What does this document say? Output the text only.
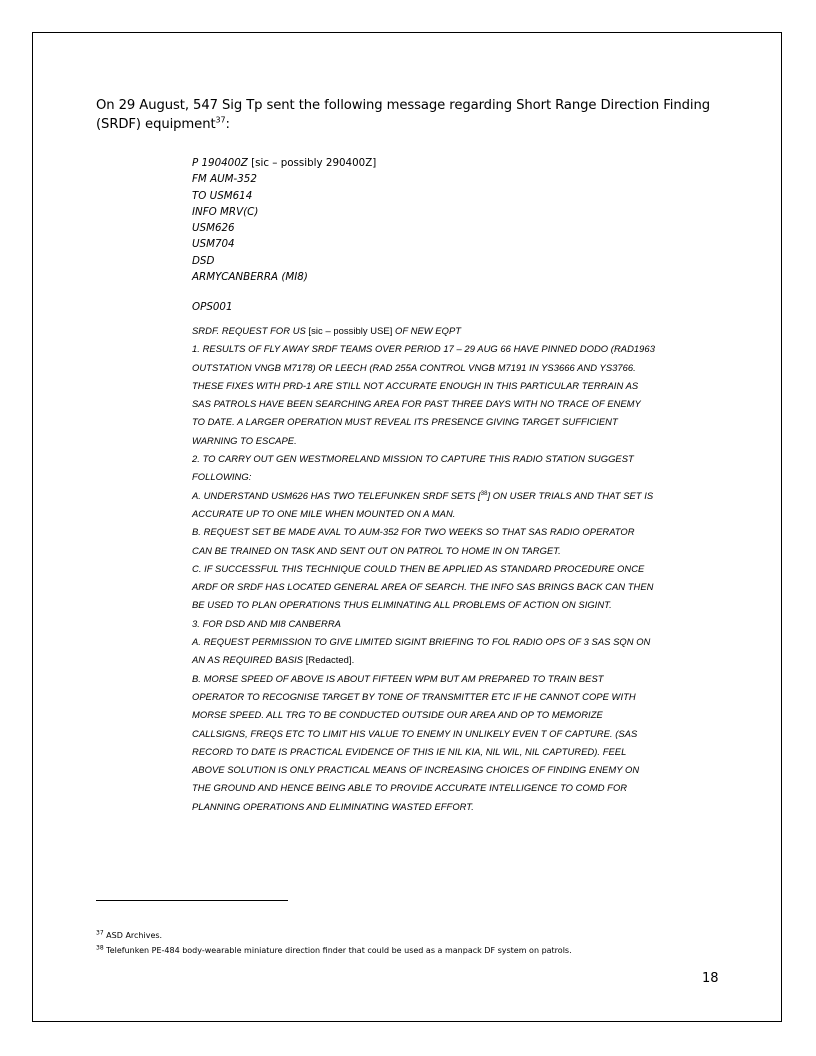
On 29 August, 547 Sig Tp sent the following message regarding Short Range Direction Finding (SRDF) equipment$^{37}$:
P 190400Z [sic – possibly 290400Z]
FM AUM-352
TO USM614
INFO MRV(C)
USM626
USM704
DSD
ARMYCANBERRA (MI8)
OPS001
SRDF. REQUEST FOR US [sic – possibly USE] OF NEW EQPT
1. RESULTS OF FLY AWAY SRDF TEAMS OVER PERIOD 17 – 29 AUG 66 HAVE PINNED DODO (RAD1963
OUTSTATION VNGB M7178) OR LEECH (RAD 255A CONTROL VNGB M7191 IN YS3666 AND YS3766.
THESE FIXES WITH PRD-1 ARE STILL NOT ACCURATE ENOUGH IN THIS PARTICULAR TERRAIN AS
SAS PATROLS HAVE BEEN SEARCHING AREA FOR PAST THREE DAYS WITH NO TRACE OF ENEMY
TO DATE. A LARGER OPERATION MUST REVEAL ITS PRESENCE GIVING TARGET SUFFICIENT
WARNING TO ESCAPE.
2. TO CARRY OUT GEN WESTMORELAND MISSION TO CAPTURE THIS RADIO STATION SUGGEST
FOLLOWING:
A. UNDERSTAND USM626 HAS TWO TELEFUNKEN SRDF SETS [$^{38}$] ON USER TRIALS AND THAT SET IS
ACCURATE UP TO ONE MILE WHEN MOUNTED ON A MAN.
B. REQUEST SET BE MADE AVAL TO AUM-352 FOR TWO WEEKS SO THAT SAS RADIO OPERATOR
CAN BE TRAINED ON TASK AND SENT OUT ON PATROL TO HOME IN ON TARGET.
C. IF SUCCESSFUL THIS TECHNIQUE COULD THEN BE APPLIED AS STANDARD PROCEDURE ONCE
ARDF OR SRDF HAS LOCATED GENERAL AREA OF SEARCH. THE INFO SAS BRINGS BACK CAN THEN
BE USED TO PLAN OPERATIONS THUS ELIMINATING ALL PROBLEMS OF ACTION ON SIGINT.
3. FOR DSD AND MI8 CANBERRA
A. REQUEST PERMISSION TO GIVE LIMITED SIGINT BRIEFING TO FOL RADIO OPS OF 3 SAS SQN ON
AN AS REQUIRED BASIS [Redacted].
B. MORSE SPEED OF ABOVE IS ABOUT FIFTEEN WPM BUT AM PREPARED TO TRAIN BEST
OPERATOR TO RECOGNISE TARGET BY TONE OF TRANSMITTER ETC IF HE CANNOT COPE WITH
MORSE SPEED. ALL TRG TO BE CONDUCTED OUTSIDE OUR AREA AND OP TO MEMORIZE
CALLSIGNS, FREQS ETC TO LIMIT HIS VALUE TO ENEMY IN UNLIKELY EVEN T OF CAPTURE. (SAS
RECORD TO DATE IS PRACTICAL EVIDENCE OF THIS IE NIL KIA, NIL WIL, NIL CAPTURED). FEEL
ABOVE SOLUTION IS ONLY PRACTICAL MEANS OF INCREASING CHOICES OF FINDING ENEMY ON
THE GROUND AND HENCE BEING ABLE TO PROVIDE ACCURATE INTELLIGENCE TO COMD FOR
PLANNING OPERATIONS AND ELIMINATING WASTED EFFORT.
$^{37}$ ASD Archives.
$^{38}$ Telefunken PE-484 body-wearable miniature direction finder that could be used as a manpack DF system on patrols.
18
